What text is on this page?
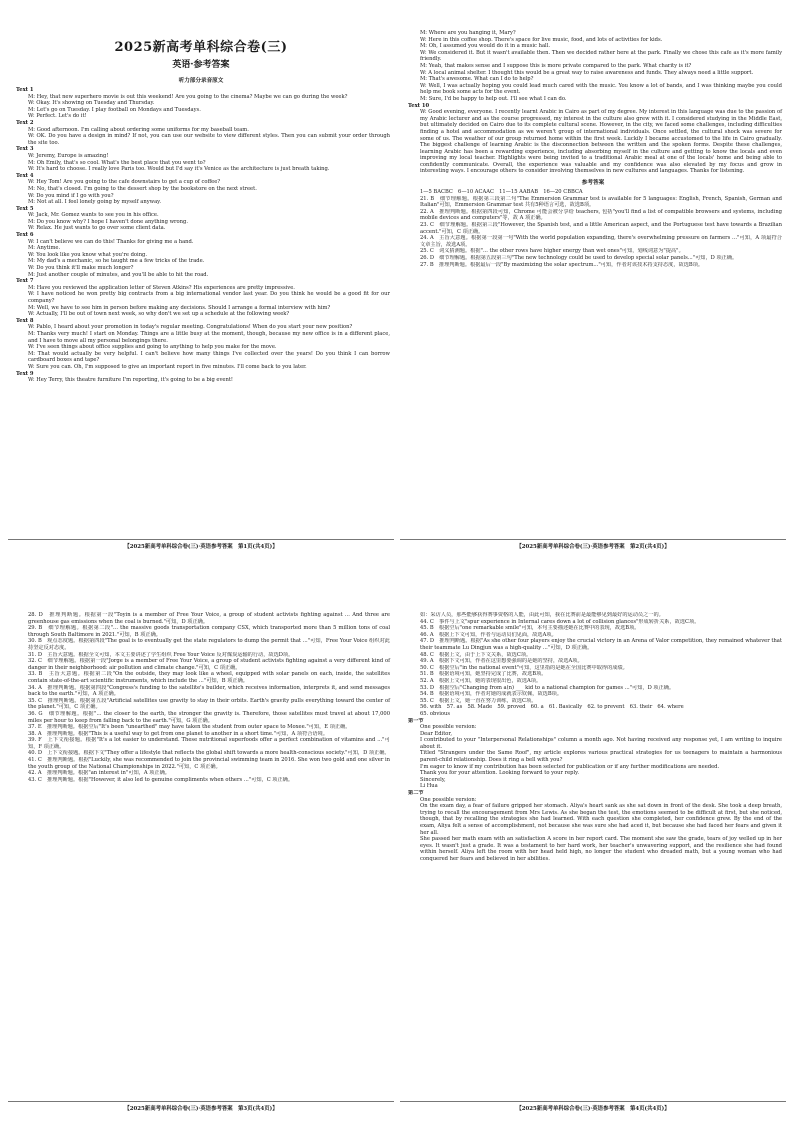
2025新高考单科综合卷(三)
英语·参考答案
听力部分录音原文

Text 1

M: Hey, that new superhero movie is out this weekend! Are you going to the cinema? Maybe we can go during the week?

W: Okay. It's showing on Tuesday and Thursday.

M: Let's go on Tuesday. I play football on Mondays and Tuesdays.

W: Perfect. Let's do it!

Text 2

M: Good afternoon. I'm calling about ordering some uniforms for my baseball team.

W: OK. Do you have a design in mind? If not, you can use our website to view different styles. Then you can submit your order through the site too.

Text 3

W: Jeremy, Europe is amazing!

M: Oh Emily, that's so cool. What's the best place that you went to?

W: It's hard to choose. I really love Paris too. Would but I'd say it's Venice as the architecture is just breath taking.

Text 4

W: Hey Tom! Are you going to the cafe downstairs to get a cup of coffee?

M: No, that's closed. I'm going to the dessert shop by the bookstore on the next street.

W: Do you mind if I go with you?

M: Not at all. I feel lonely going by myself anyway.

Text 5

W: Jack, Mr. Gomez wants to see you in his office.

M: Do you know why? I hope I haven't done anything wrong.

W: Relax. He just wants to go over some client data.

Text 6

W: I can't believe we can do this! Thanks for giving me a hand.

M: Anytime.

W: You look like you know what you're doing.

M: My dad's a mechanic, so he taught me a few tricks of the trade.

W: Do you think it'll make much longer?

M: Just another couple of minutes, and you'll be able to hit the road.

Text 7

M: Have you reviewed the application letter of Steven Atkins? His experiences are pretty impressive.

W: I have noticed he won pretty big contracts from a big international vendor last year. Do you think he would be a good fit for our company?

M: Well, we have to see him in person before making any decisions. Should I arrange a formal interview with him?

W: Actually, I'll be out of town next week, so why don't we set up a schedule at the following week?

Text 8

W: Pablo, I heard about your promotion in today's regular meeting. Congratulations! When do you start your new position?

M: Thanks very much! I start on Monday. Things are a little busy at the moment, though, because my new office is in a different place, and I have to move all my personal belongings there.

W: I've seen things about office supplies and going to anything to help you make for the move.

M: That would actually be very helpful. I can't believe how many things I've collected over the years! Do you think I can borrow cardboard boxes and tape?

W: Sure you can. Oh, I'm supposed to give an important report in five minutes. I'll come back to you later.

Text 9

W: Hey Terry, this theatre furniture I'm reporting, it's going to be a big event!

【2025新高考单科综合卷(三)·英语参考答案　第1页(共4页)】

M: Where are you hanging it, Mary?

W: Here in this coffee shop. There's space for live music, food, and lots of activities for kids.

M: Oh, I assumed you would do it in a music hall.

W: We considered it. But it wasn't available then. Then we decided rather here at the park. Finally we chose this cafe as it's more family friendly.

M: Yeah, that makes sense and I suppose this is more private compared to the park. What charity is it?

W: A local animal shelter. I thought this would be a great way to raise awareness and funds. They always need a little support.

M: That's awesome. What can I do to help?

W: Well, I was actually hoping you could lead much cared with the music. You know a lot of bands, and I was thinking maybe you could help me book some acts for the event.

M: Sure, I'd be happy to help out. I'll see what I can do.

Text 10

W: Good evening, everyone. I recently learnt Arabic in Cairo as part of my degree. My interest in this language was due to the passion of my Arabic lecturer and as the course progressed, my interest in the culture also grew with it. I considered studying in the Middle East, but ultimately decided on Cairo due to its complete cultural scene. However, in the city, we faced some challenges, including difficulties finding a hotel and accommodation as we weren't group of international individuals. Once settled, the cultural shock was severe for some of us. The weather of our group returned home within the first week. Luckily I became accustomed to the life in Cairo gradually. The biggest challenge of learning Arabic is the disconnection between the written and the spoken forms. Despite these challenges, learning Arabic has been a rewarding experience, including absorbing myself in the culture and getting to know the locals and even improving my local teacher. Highlights were being invited to a traditional Arabic meal at one of the locals' home and being able to confidently communicate. Overall, the experience was valuable and my confidence was also elevated by my focus and grow in interesting ways. I encourage others to consider involving themselves in new cultures and languages. Thanks for listening.

参考答案

1—5 BACBC　6—10 ACAAC　11—15 AABAB　16—20 CBBCA

21. B　细节理解题。根据第三段第二句"The Emmersion Grammar test is available for 5 languages: English, French, Spanish, German and Italian"可知，Emmersion Grammar test 共有5种语言可选，故选B项。

22. A　推理判断题。根据第四段可知，Chrome 可能会被分享给 teachers, 包括"you'll find a list of compatible browsers and systems, including mobile devices and computers"等，故 A 项正确。

23. C　细节理解题。根据第三段"However, the Spanish test, and a little American aspect, and the Portuguese test have towards a Brazilian accent."可知，C 项正确。

24. A　主旨大意题。根据第一段第一句"With the world population expanding, there's overwhelming pressure on farmers ..."可知，A 项最符合文章主旨，故选A项。

25. C　词义猜测题。根据"... the other rows have higher energy than wet ones"可知，划线词意为"提高"。

26. D　细节理解题。根据第五段第三句"The new technology could be used to develop special solar panels..."可知，D 项正确。

27. B　推理判断题。根据最后一段"By maximizing the solar spectrum..."可知，作者对该技术持支持态度，故选B项。

【2025新高考单科综合卷(三)·英语参考答案　第2页(共4页)】

28. D　推理判断题。根据第一段"Toyin is a member of Free Your Voice, a group of student activists fighting against ... And three are greenhouse gas emissions when the coal is burned."可知，D 项正确。

29. B　细节理解题。根据第二段"... the massive goods transportation company CSX, which transported more than 5 million tons of coal through South Baltimore in 2021."可知，B 项正确。

30. B　观点态度题。根据第四段"The goal is to eventually get the state regulators to dump the permit that ..."可知，Free Your Voice 组织对此持坚定反对态度。

31. D　主旨大意题。根据全文可知，本文主要讲述了学生组织 Free Your Voice 反对煤炭运输的行动，故选D项。

32. C　细节理解题。根据第一段"Jorge is a member of Free Your Voice, a group of student activists fighting against a very different kind of danger in their neighborhood: air pollution and climate change."可知，C 项正确。

33. B　主旨大意题。根据第二段"On the outside, they may look like a wheel, equipped with solar panels on each, inside, the satellites contain state-of-the-art scientific instruments, which include the ..."可知，B 项正确。

34. A　推理判断题。根据第四段"Congress's funding to the satellite's builder, which receives information, interprets it, and send messages back to the earth."可知，A 项正确。

35. C　推理判断题。根据第五段"Artificial satellites use gravity to stay in their orbits. Earth's gravity pulls everything toward the center of the planet."可知，C 项正确。

36. G　细节理解题。根据"... the closer to the earth, the stronger the gravity is. Therefore, those satellites must travel at about 17,000 miles per hour to keep from falling back to the earth."可知，G 项正确。

37. E　推理判断题。根据空后"It's been "unearthed" may have taken the student from outer space to Moxee."可知，E 项正确。

38. A　推理判断题。根据"This is a useful way to get from one planet to another in a short time."可知，A 项符合语境。

39. F　上下文衔接题。根据"It's a lot easier to understand. These nutritional superfoods offer a perfect combination of vitamins and ..."可知，F 项正确。

40. D　上下文衔接题。根据下文"They offer a lifestyle that reflects the global shift towards a more health-conscious society."可知，D 项正确。

41. C　推理判断题。根据"Luckily, she was recommended to join the provincial swimming team in 2016. She won two gold and one silver in the youth group of the National Championships in 2022."可知，C 项正确。

42. A　推理判断题。根据"an interest in"可知，A 项正确。

43. C　推理判断题。根据"However, it also led to genuine compliments when others ..."可知，C 项正确。

【2025新高考单科综合卷(三)·英语参考答案　第3页(共4页)】

如：采访人员，那些能够获得赛事资格的人能，由此可知，我在比赛前是最能够见到最好的运动员之一的。

44. C　事件与上文"spur experience in Internal cares down a lot of collision glances"形成转折关系，故选C项。

45. B　根据空后"one remarkable smile"可知，本句主要描述她在比赛中的表现，故选B项。

46. A　根据上下文可知，作者与运动员们见面，故选A项。

47. D　推理判断题。根据"As she other four players enjoy the crucial victory in an Arena of Valor competition, they remained whatever that their teammate Lu Dingjun was a high-quality ..."可知，D 项正确。

48. C　根据上文，由于上下文关系，故选C项。

49. A　根据下文可知，作者在这里想要强调的是她的坚持，故选A项。

50. C　根据空后"in the national event"可知，这里指的是她在全国比赛中取得的成绩。

51. B　根据语境可知，她坚持完成了比赛，故选B项。

52. A　根据上文可知，她的表现很出色，故选A项。

53. D　根据空后"Changing from a(n) ___ kid to a national champion for games ..."可知，D 项正确。

54. B　根据语境可知，作者对她的成就表示钦佩，故选B项。

55. C　根据上文，她一直在努力训练，故选C项。

56. with　57. as　58. Made　59. proved　60. a　61. Basically　62. to prevent　63. their　64. where

65. obvious

第一节

One possible version:

Dear Editor,

I contributed to your "Interpersonal Relationships" column a month ago. Not having received any response yet, I am writing to inquire about it.

Titled "Strangers under the Same Roof", my article explores various practical strategies for us teenagers to maintain a harmonious parent-child relationship. Does it ring a bell with you?

I'm eager to know if my contribution has been selected for publication or if any further modifications are needed.

Thank you for your attention. Looking forward to your reply.

Sincerely,

Li Hua

第二节

One possible version:

On the exam day, a fear of failure gripped her stomach. Aliya's heart sank as she sat down in front of the desk. She took a deep breath, trying to recall the encouragement from Mrs Lewis. As she began the test, the emotions seemed to be difficult at first, but she noticed, though, that by recalling the strategies she had learned. With each question she completed, her confidence grew. By the end of the exam, Aliya felt a sense of accomplishment, not because she was sure she had aced it, but because she had faced her fears and given it her all.

She passed her math exam with an satisfaction A score in her report card. The moment she saw the grade, tears of joy welled up in her eyes. It wasn't just a grade. It was a testament to her hard work, her teacher's unwavering support, and the resilience she had found within herself. Aliya left the room with her head held high, no longer the student who dreaded math, but a young woman who had conquered her fears and believed in her abilities.

【2025新高考单科综合卷(三)·英语参考答案　第4页(共4页)】
